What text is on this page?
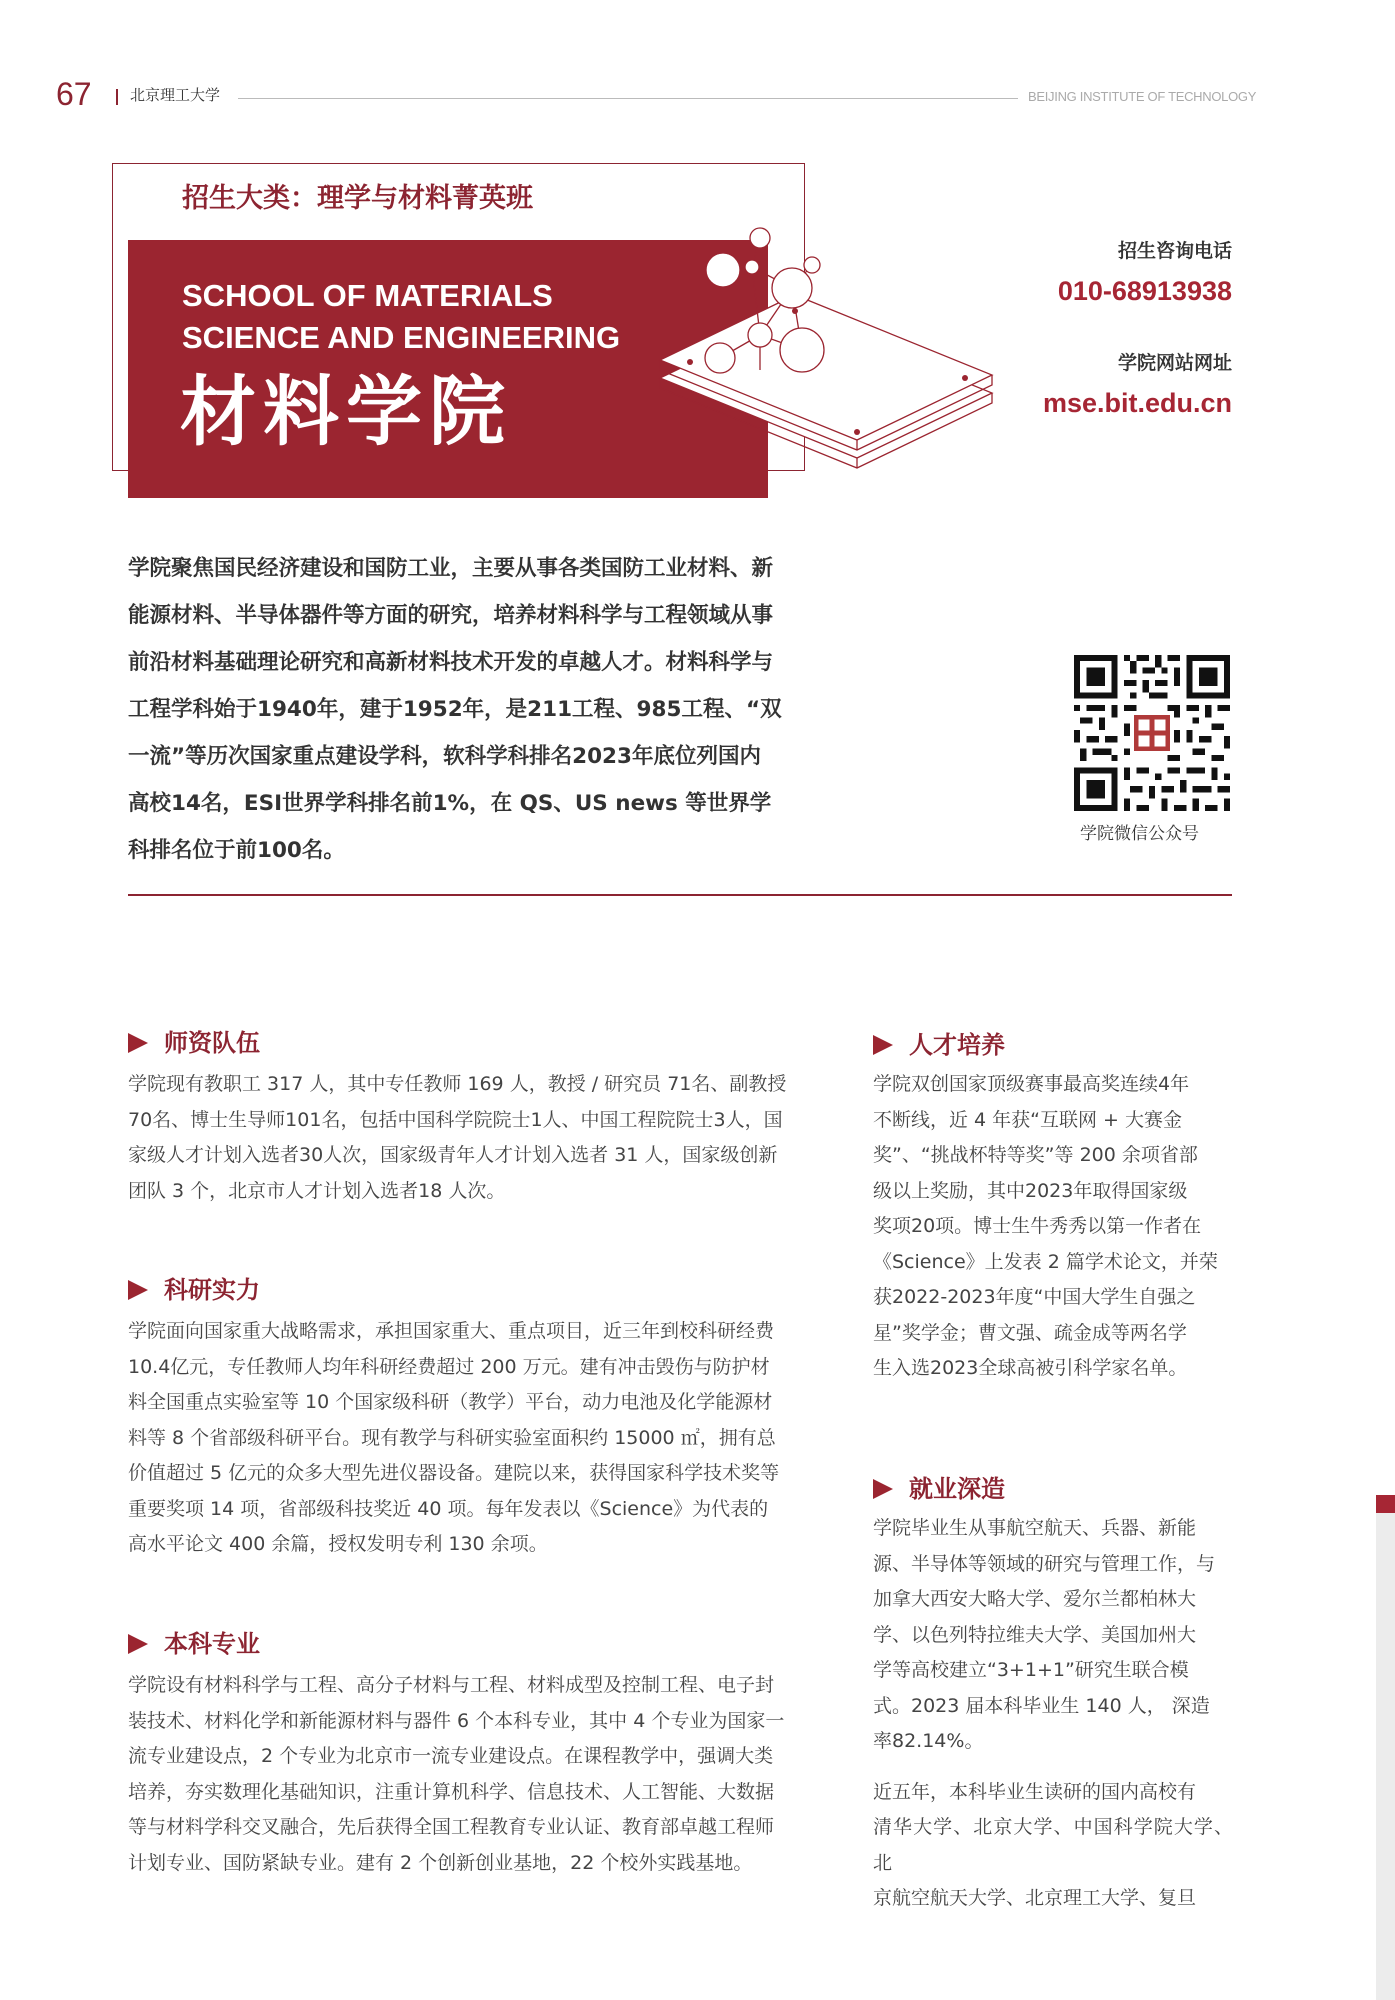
67	北京理工大学	BEIJING INSTITUTE OF TECHNOLOGY
招生大类：理学与材料菁英班
SCHOOL OF MATERIALS
SCIENCE AND ENGINEERING
材料学院
招生咨询电话
010-68913938
学院网站网址
mse.bit.edu.cn
学院聚焦国民经济建设和国防工业，主要从事各类国防工业材料、新
能源材料、半导体器件等方面的研究，培养材料科学与工程领域从事
前沿材料基础理论研究和高新材料技术开发的卓越人才。材料科学与
工程学科始于1940年，建于1952年，是211工程、985工程、“双
一流”等历次国家重点建设学科，软科学科排名2023年底位列国内
高校14名，ESI世界学科排名前1%，在 QS、US news 等世界学
科排名位于前100名。
学院微信公众号
师资队伍

学院现有教职工 317 人，其中专任教师 169 人，教授 / 研究员 71名、副教授

70名、博士生导师101名，包括中国科学院院士1人、中国工程院院士3人，国

家级人才计划入选者30人次，国家级青年人才计划入选者 31 人，国家级创新

团队 3 个，北京市人才计划入选者18 人次。

科研实力

学院面向国家重大战略需求，承担国家重大、重点项目，近三年到校科研经费

10.4亿元，专任教师人均年科研经费超过 200 万元。建有冲击毁伤与防护材

料全国重点实验室等 10 个国家级科研（教学）平台，动力电池及化学能源材

料等 8 个省部级科研平台。现有教学与科研实验室面积约 15000 ㎡，拥有总

价值超过 5 亿元的众多大型先进仪器设备。建院以来，获得国家科学技术奖等

重要奖项 14 项，省部级科技奖近 40 项。每年发表以《Science》为代表的

高水平论文 400 余篇，授权发明专利 130 余项。

本科专业

学院设有材料科学与工程、高分子材料与工程、材料成型及控制工程、电子封

装技术、材料化学和新能源材料与器件 6 个本科专业，其中 4 个专业为国家一

流专业建设点，2 个专业为北京市一流专业建设点。在课程教学中，强调大类

培养，夯实数理化基础知识，注重计算机科学、信息技术、人工智能、大数据

等与材料学科交叉融合，先后获得全国工程教育专业认证、教育部卓越工程师

计划专业、国防紧缺专业。建有 2 个创新创业基地，22 个校外实践基地。

人才培养

学院双创国家顶级赛事最高奖连续4年

不断线，近 4 年获“互联网 + 大赛金

奖”、“挑战杯特等奖”等 200 余项省部

级以上奖励，其中2023年取得国家级

奖项20项。博士生牛秀秀以第一作者在

《Science》上发表 2 篇学术论文，并荣

获2022-2023年度“中国大学生自强之

星”奖学金；曹文强、疏金成等两名学

生入选2023全球高被引科学家名单。

就业深造

学院毕业生从事航空航天、兵器、新能

源、半导体等领域的研究与管理工作，与

加拿大西安大略大学、爱尔兰都柏林大

学、以色列特拉维夫大学、美国加州大

学等高校建立“3+1+1”研究生联合模

式。2023 届本科毕业生 140 人， 深造

率82.14%。

近五年，本科毕业生读研的国内高校有

清华大学、北京大学、中国科学院大学、北

京航空航天大学、北京理工大学、复旦
